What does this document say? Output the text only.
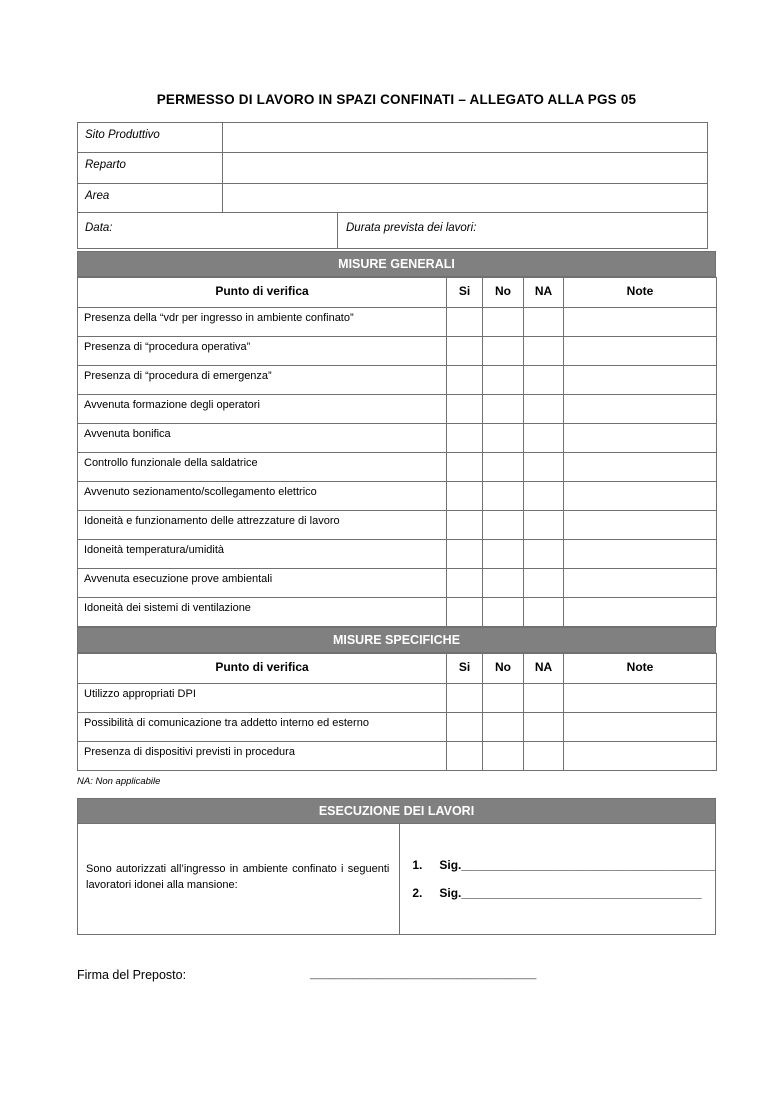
PERMESSO DI LAVORO IN SPAZI CONFINATI – ALLEGATO ALLA PGS 05
Sito Produttivo
Reparto
Area
Data:	Durata prevista dei lavori:
MISURE GENERALI
Punto di verifica	Si	No	NA	Note
Presenza della “vdr per ingresso in ambiente confinato”				
Presenza di “procedura operativa”				
Presenza di “procedura di emergenza”				
Avvenuta formazione degli operatori				
Avvenuta bonifica				
Controllo funzionale della saldatrice				
Avvenuto sezionamento/scollegamento elettrico				
Idoneità e funzionamento delle attrezzature di lavoro				
Idoneità temperatura/umidità				
Avvenuta esecuzione prove ambientali				
Idoneità dei sistemi di ventilazione				
MISURE SPECIFICHE
Punto di verifica	Si	No	NA	Note
Utilizzo appropriati DPI				
Possibilità di comunicazione tra addetto interno ed esterno				
Presenza di dispositivi previsti in procedura				
NA: Non applicabile
ESECUZIONE DEI LAVORI
Sono autorizzati all’ingresso in ambiente confinato i seguenti lavoratori idonei alla mansione:
1.	Sig. ______________________________________
2.	Sig. ____________________________________
Firma del Preposto:	_____________________________________
